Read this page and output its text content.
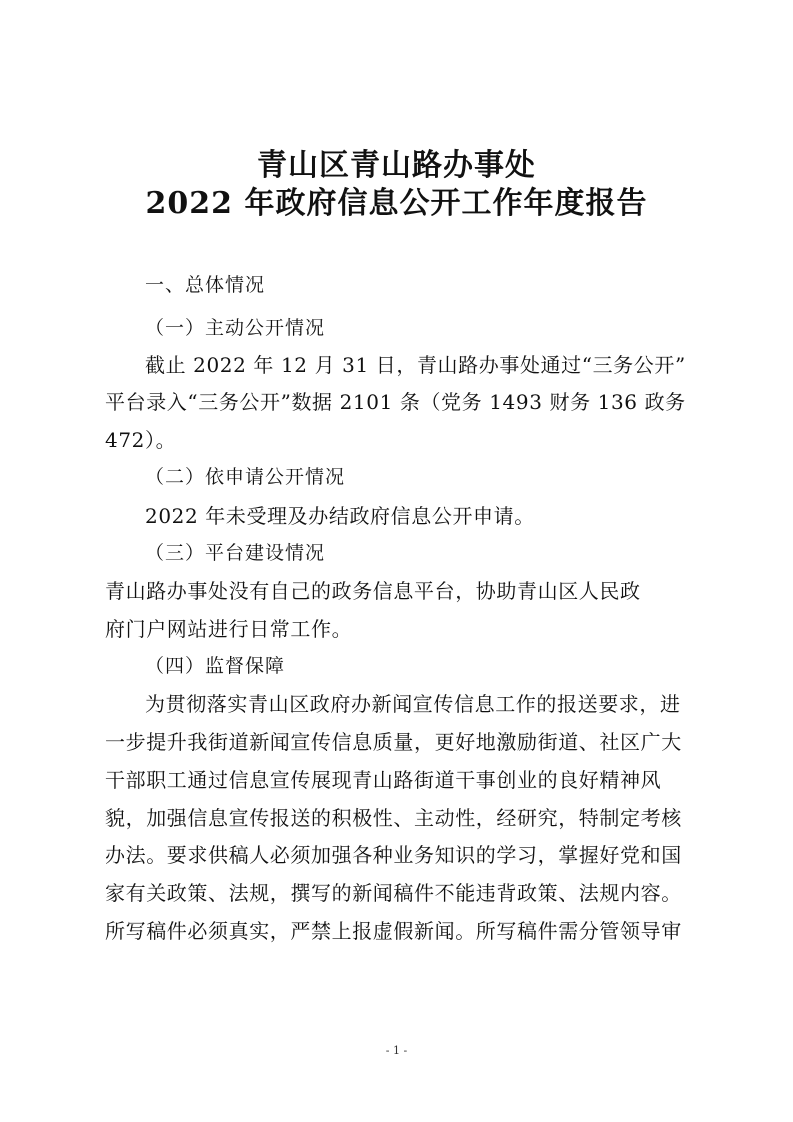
青山区青山路办事处
2022 年政府信息公开工作年度报告
一、总体情况
（一）主动公开情况
截止 2022 年 12 月 31 日，青山路办事处通过“三务公开”
平台录入“三务公开”数据 2101 条（党务 1493 财务 136 政务
472）。
（二）依申请公开情况
2022 年未受理及办结政府信息公开申请。
（三）平台建设情况
青山路办事处没有自己的政务信息平台，协助青山区人民政
府门户网站进行日常工作。
（四）监督保障
为贯彻落实青山区政府办新闻宣传信息工作的报送要求，进
一步提升我街道新闻宣传信息质量，更好地激励街道、社区广大
干部职工通过信息宣传展现青山路街道干事创业的良好精神风
貌，加强信息宣传报送的积极性、主动性，经研究，特制定考核
办法。要求供稿人必须加强各种业务知识的学习，掌握好党和国
家有关政策、法规，撰写的新闻稿件不能违背政策、法规内容。
所写稿件必须真实，严禁上报虚假新闻。所写稿件需分管领导审
- 1 -
